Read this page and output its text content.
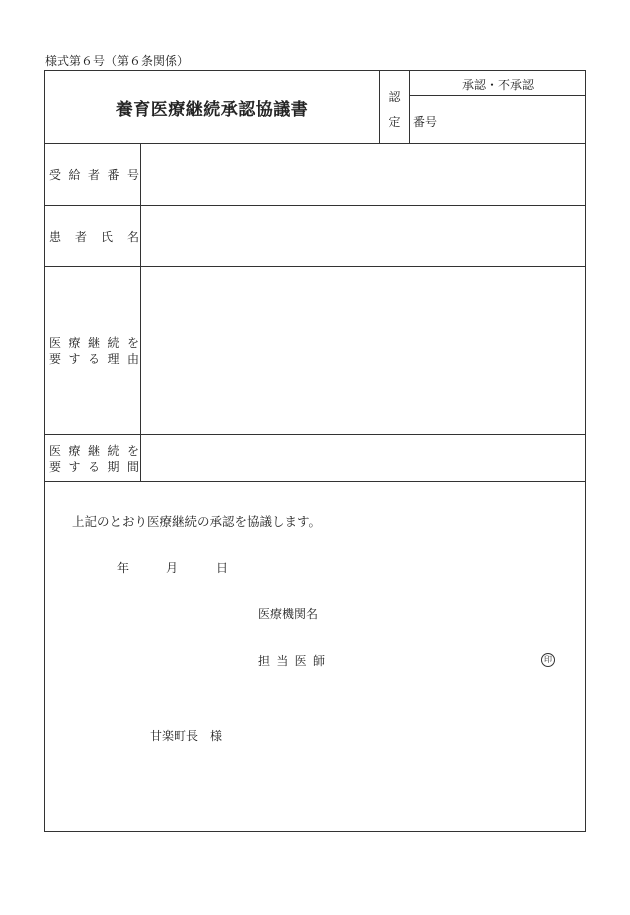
様式第６号（第６条関係）
養育医療継続承認協議書
認
定
承認・不承認
番号
受給者番号
患者氏名
医療継続を
要する理由
医療継続を
要する期間
上記のとおり医療継続の承認を協議します。
年	月	日
医療機関名
担当医師	印
甘楽町長　様
